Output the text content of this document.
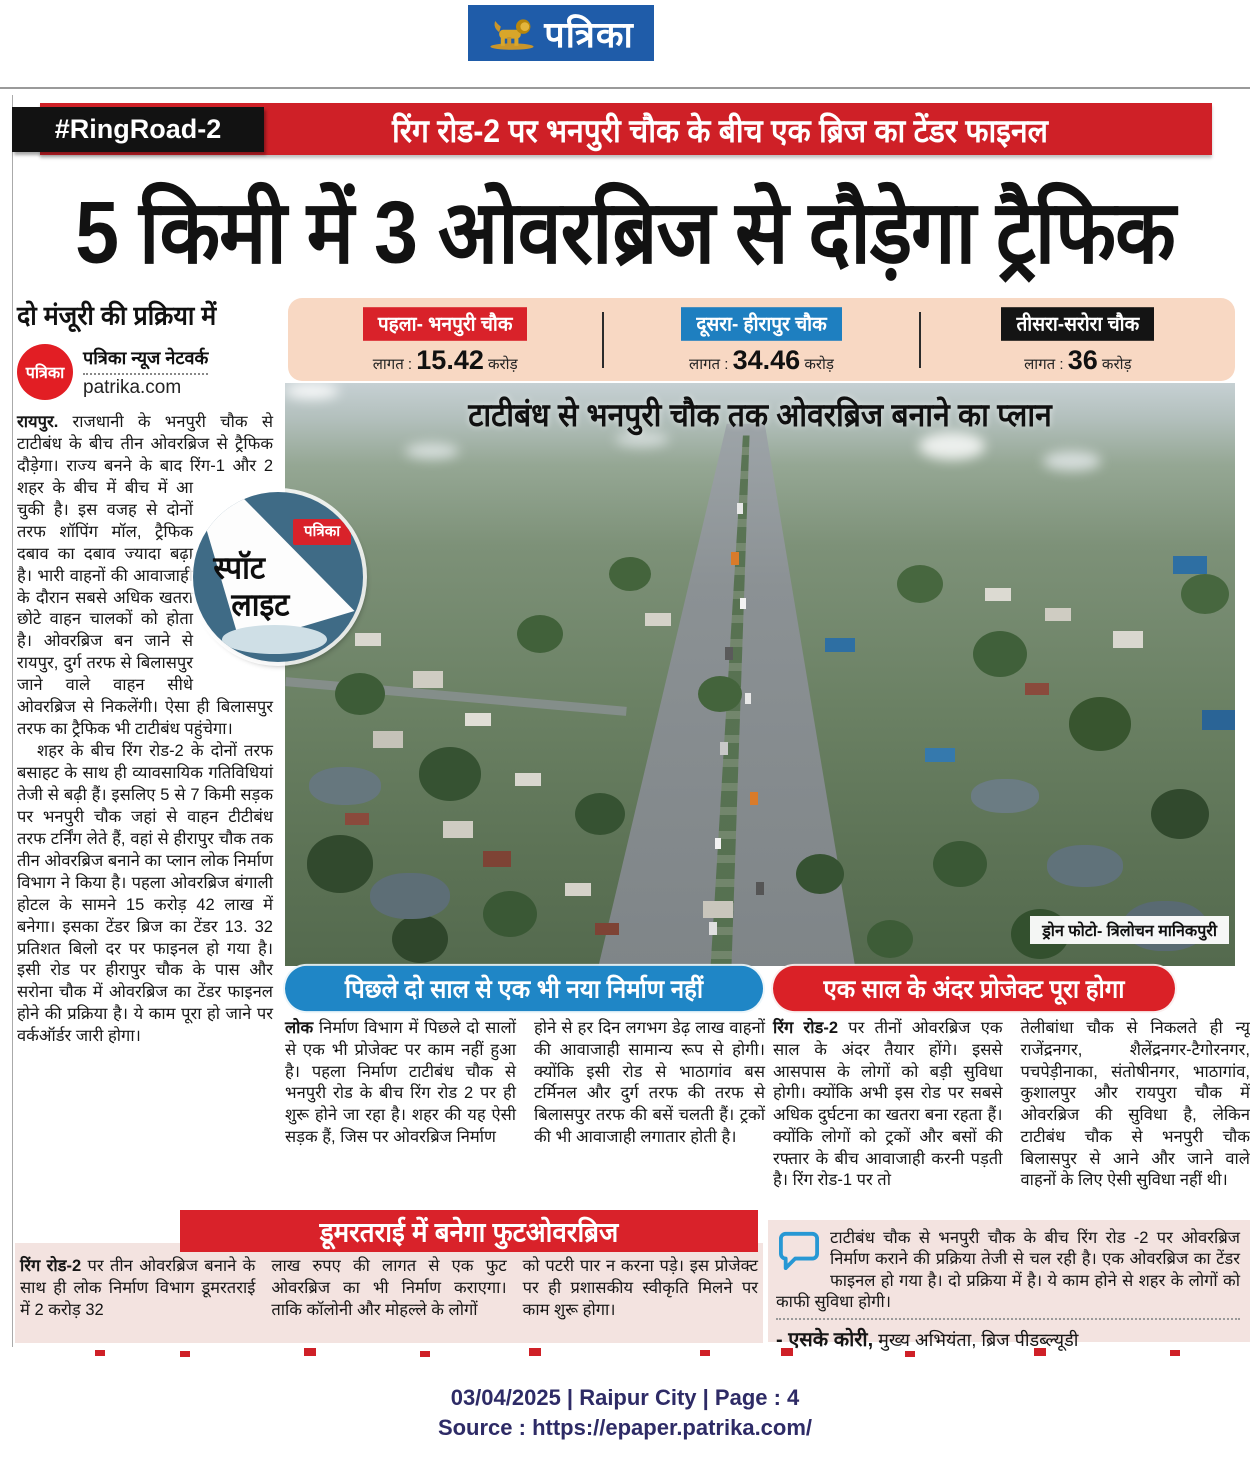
पत्रिका
#RingRoad-2	रिंग रोड-2 पर भनपुरी चौक के बीच एक ब्रिज का टेंडर फाइनल
5 किमी में 3 ओवरब्रिज से दौड़ेगा ट्रैफिक
दो मंजूरी की प्रक्रिया में
पत्रिका
पत्रिका न्यूज नेटवर्क
patrika.com

रायपुर. राजधानी के भनपुरी चौक से टाटीबंध के बीच तीन ओवरब्रिज से ट्रैफिक दौड़ेगा। राज्य बनने के बाद रिंग-1 और 2 शहर के बीच में बीच में आ चुकी है। इस वजह से दोनों तरफ शॉपिंग मॉल, ट्रैफिक दबाव का दबाव ज्यादा बढ़ा है। भारी वाहनों की आवाजाही के दौरान सबसे अधिक खतरा छोटे वाहन चालकों को होता है। ओवरब्रिज बन जाने से रायपुर, दुर्ग तरफ से बिलासपुर जाने वाले वाहन सीधे ओवरब्रिज से निकलेंगी। ऐसा ही बिलासपुर तरफ का ट्रैफिक भी टाटीबंध पहुंचेगा।

शहर के बीच रिंग रोड-2 के दोनों तरफ बसाहट के साथ ही व्यावसायिक गतिविधियां तेजी से बढ़ी हैं। इसलिए 5 से 7 किमी सड़क पर भनपुरी चौक जहां से वाहन टीटीबंध तरफ टर्निंग लेते हैं, वहां से हीरापुर चौक तक तीन ओवरब्रिज बनाने का प्लान लोक निर्माण विभाग ने किया है। पहला ओवरब्रिज बंगाली होटल के सामने 15 करोड़ 42 लाख में बनेगा। इसका टेंडर ब्रिज का टेंडर 13. 32 प्रतिशत बिलो दर पर फाइनल हो गया है। इसी रोड पर हीरापुर चौक के पास और सरोना चौक में ओवरब्रिज का टेंडर फाइनल होने की प्रक्रिया है। ये काम पूरा हो जाने पर वर्कऑर्डर जारी होगा।

पहला- भनपुरी चौक
लागत : 15.42 करोड़
दूसरा- हीरापुर चौक
लागत : 34.46 करोड़
तीसरा-सरोरा चौक
लागत : 36 करोड़
टाटीबंध से भनपुरी चौक तक ओवरब्रिज बनाने का प्लान
ड्रोन फोटो- त्रिलोचन मानिकपुरी
पत्रिका
स्पॉट
लाइट
पिछले दो साल से एक भी नया निर्माण नहीं	एक साल के अंदर प्रोजेक्ट पूरा होगा
लोक निर्माण विभाग में पिछले दो सालों से एक भी प्रोजेक्ट पर काम नहीं हुआ है। पहला निर्माण टाटीबंध चौक से भनपुरी रोड के बीच रिंग रोड 2 पर ही शुरू होने जा रहा है। शहर की यह ऐसी सड़क हैं, जिस पर ओवरब्रिज निर्माण
होने से हर दिन लगभग डेढ़ लाख वाहनों की आवाजाही सामान्य रूप से होगी। क्योंकि इसी रोड से भाठागांव बस टर्मिनल और दुर्ग तरफ की तरफ से बिलासपुर तरफ की बसें चलती हैं। ट्रकों की भी आवाजाही लगातार होती है।
रिंग रोड-2 पर तीनों ओवरब्रिज एक साल के अंदर तैयार होंगे। इससे आसपास के लोगों को बड़ी सुविधा होगी। क्योंकि अभी इस रोड पर सबसे अधिक दुर्घटना का खतरा बना रहता हैं। क्योंकि लोगों को ट्रकों और बसों की रफ्तार के बीच आवाजाही करनी पड़ती है। रिंग रोड-1 पर तो
तेलीबांधा चौक से निकलते ही न्यू राजेंद्रनगर, शैलेंद्रनगर-टैगोरनगर, पचपेड़ीनाका, संतोषीनगर, भाठागांव, कुशालपुर और रायपुरा चौक में ओवरब्रिज की सुविधा है, लेकिन टाटीबंध चौक से भनपुरी चौक बिलासपुर से आने और जाने वाले वाहनों के लिए ऐसी सुविधा नहीं थी।
डूमरतराई में बनेगा फुटओवरब्रिज
रिंग रोड-2 पर तीन ओवरब्रिज बनाने के साथ ही लोक निर्माण विभाग डूमरतराई में 2 करोड़ 32
लाख रुपए की लागत से एक फुट ओवरब्रिज का भी निर्माण कराएगा। ताकि कॉलोनी और मोहल्ले के लोगों
को पटरी पार न करना पड़े। इस प्रोजेक्ट पर ही प्रशासकीय स्वीकृति मिलने पर काम शुरू होगा।
टाटीबंध चौक से भनपुरी चौक के बीच रिंग रोड -2 पर ओवरब्रिज निर्माण कराने की प्रक्रिया तेजी से चल रही है। एक ओवरब्रिज का टेंडर फाइनल हो गया है। दो प्रक्रिया में है। ये काम होने से शहर के लोगों को काफी सुविधा होगी।
- एसके कोरी, मुख्य अभियंता, ब्रिज पीडब्ल्यूडी
03/04/2025 | Raipur City | Page : 4
Source : https://epaper.patrika.com/
